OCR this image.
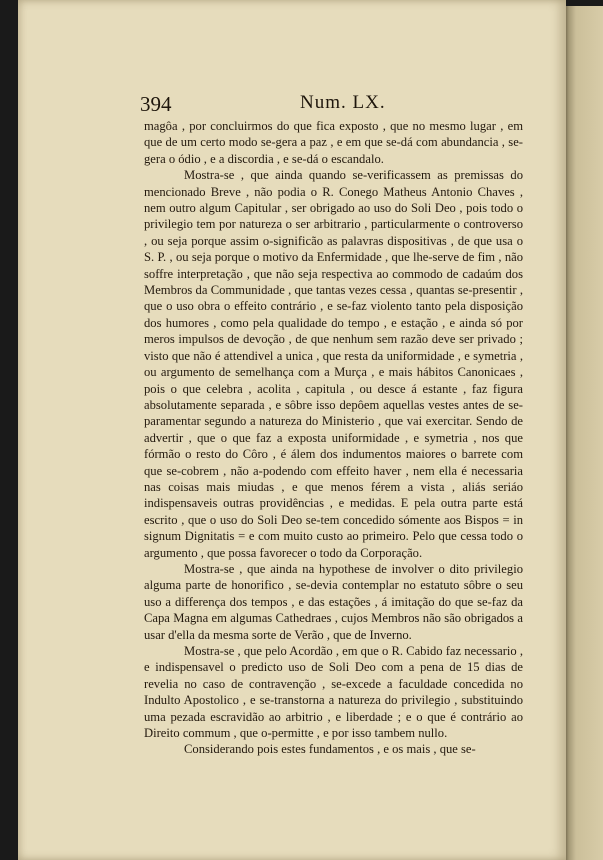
394	Num. LX.

magôa , por concluirmos do que fica exposto , que no mesmo lugar , em que de um certo modo se-gera a paz , e em que se-dá com abundancia , se-gera o ódio , e a discordia , e se-dá o escandalo.

Mostra-se , que ainda quando se-verificassem as premissas do mencionado Breve , não podia o R. Conego Matheus Antonio Chaves , nem outro algum Capitular , ser obrigado ao uso do Soli Deo , pois todo o privilegio tem por natureza o ser arbitrario , particularmente o controverso , ou seja porque assim o-significão as palavras dispositivas , de que usa o S. P. , ou seja porque o motivo da Enfermidade , que lhe-serve de fim , não soffre interpretação , que não seja respectiva ao commodo de cadaúm dos Membros da Communidade , que tantas vezes cessa , quantas se-presentir , que o uso obra o effeito contrário , e se-faz violento tanto pela disposição dos humores , como pela qualidade do tempo , e estação , e ainda só por meros impulsos de devoção , de que nenhum sem razão deve ser privado ; visto que não é attendivel a unica , que resta da uniformidade , e symetria , ou argumento de semelhança com a Murça , e mais hábitos Canonicaes , pois o que celebra , acolita , capitula , ou desce á estante , faz figura absolutamente separada , e sôbre isso depôem aquellas vestes antes de se-paramentar segundo a natureza do Ministerio , que vai exercitar. Sendo de advertir , que o que faz a exposta uniformidade , e symetria , nos que fórmão o resto do Côro , é álem dos indumentos maiores o barrete com que se-cobrem , não a-podendo com effeito haver , nem ella é necessaria nas coisas mais miudas , e que menos férem a vista , aliás seriáo indispensaveis outras providências , e medidas. E pela outra parte está escrito , que o uso do Soli Deo se-tem concedido sómente aos Bispos = in signum Dignitatis = e com muito custo ao primeiro. Pelo que cessa todo o argumento , que possa favorecer o todo da Corporação.

Mostra-se , que ainda na hypothese de involver o dito privilegio alguma parte de honorifico , se-devia contemplar no estatuto sôbre o seu uso a differença dos tempos , e das estações , á imitação do que se-faz da Capa Magna em algumas Cathedraes , cujos Membros não são obrigados a usar d'ella da mesma sorte de Verão , que de Inverno.

Mostra-se , que pelo Acordão , em que o R. Cabido faz necessario , e indispensavel o predicto uso de Soli Deo com a pena de 15 dias de revelia no caso de contravenção , se-excede a faculdade concedida no Indulto Apostolico , e se-transtorna a natureza do privilegio , substituindo uma pezada escravidão ao arbitrio , e liberdade ; e o que é contrário ao Direito commum , que o-permitte , e por isso tambem nullo.

Considerando pois estes fundamentos , e os mais , que se-
